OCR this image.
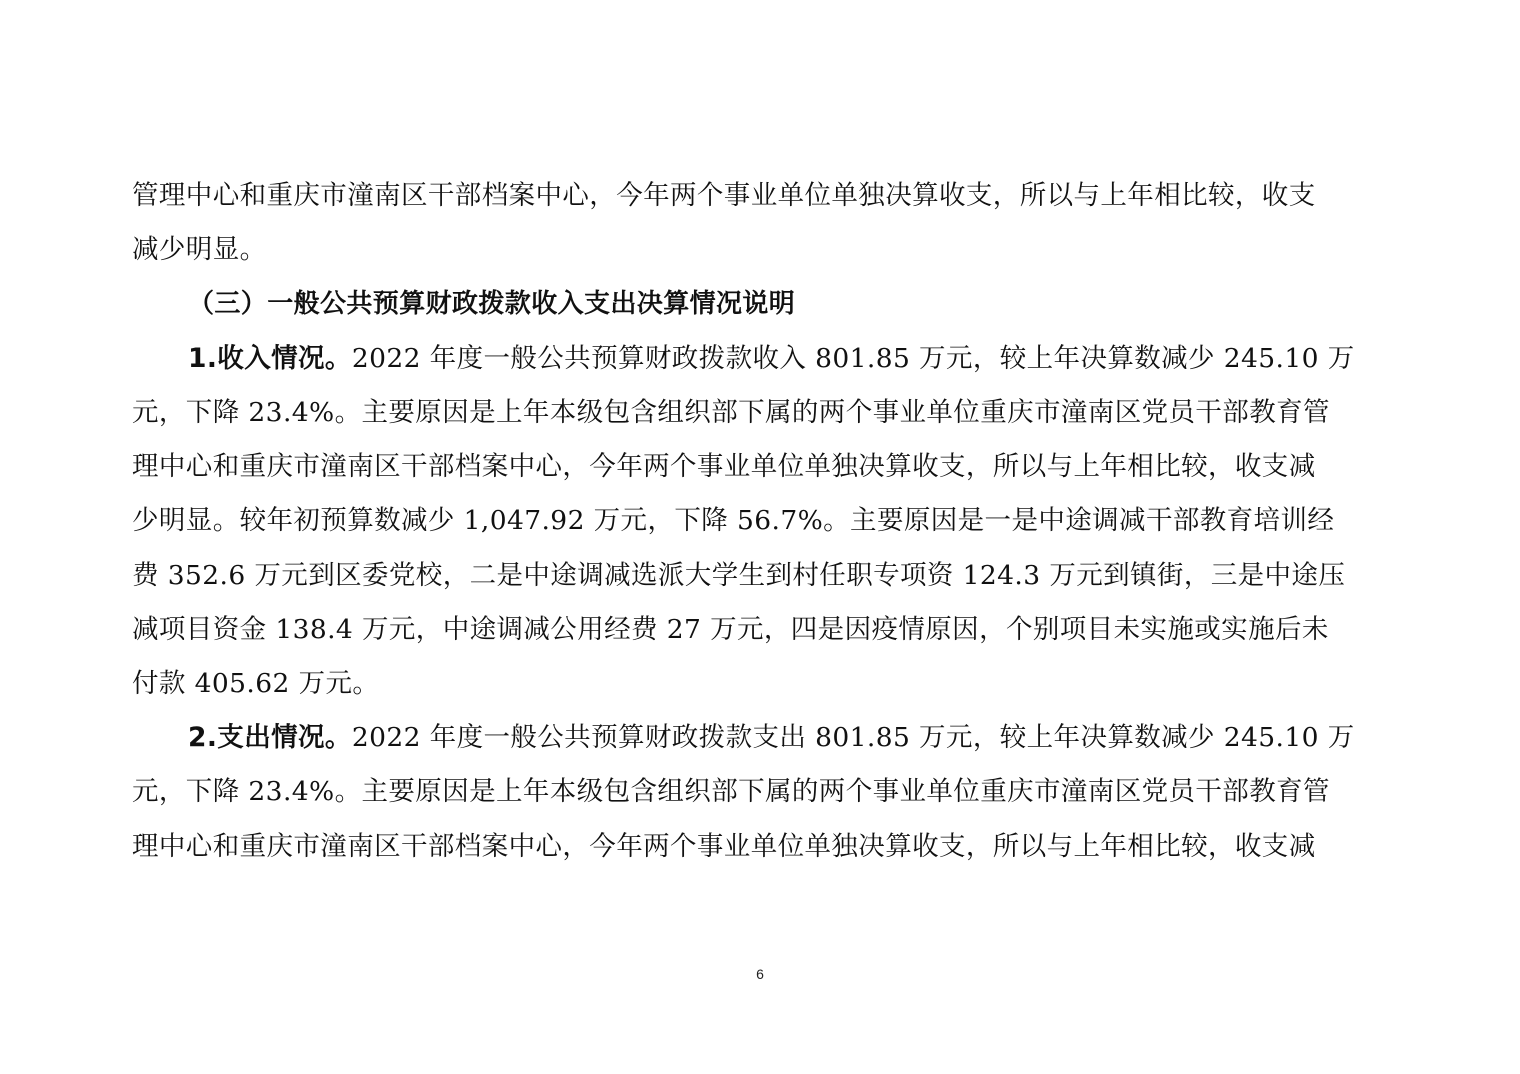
管理中心和重庆市潼南区干部档案中心，今年两个事业单位单独决算收支，所以与上年相比较，收支
减少明显。
（三）一般公共预算财政拨款收入支出决算情况说明
1.收入情况。2022 年度一般公共预算财政拨款收入 801.85 万元，较上年决算数减少 245.10 万
元，下降 23.4%。主要原因是上年本级包含组织部下属的两个事业单位重庆市潼南区党员干部教育管
理中心和重庆市潼南区干部档案中心，今年两个事业单位单独决算收支，所以与上年相比较，收支减
少明显。较年初预算数减少 1,047.92 万元，下降 56.7%。主要原因是一是中途调减干部教育培训经
费 352.6 万元到区委党校，二是中途调减选派大学生到村任职专项资 124.3 万元到镇街，三是中途压
减项目资金 138.4 万元，中途调减公用经费 27 万元，四是因疫情原因，个别项目未实施或实施后未
付款 405.62 万元。
2.支出情况。2022 年度一般公共预算财政拨款支出 801.85 万元，较上年决算数减少 245.10 万
元，下降 23.4%。主要原因是上年本级包含组织部下属的两个事业单位重庆市潼南区党员干部教育管
理中心和重庆市潼南区干部档案中心，今年两个事业单位单独决算收支，所以与上年相比较，收支减
6
